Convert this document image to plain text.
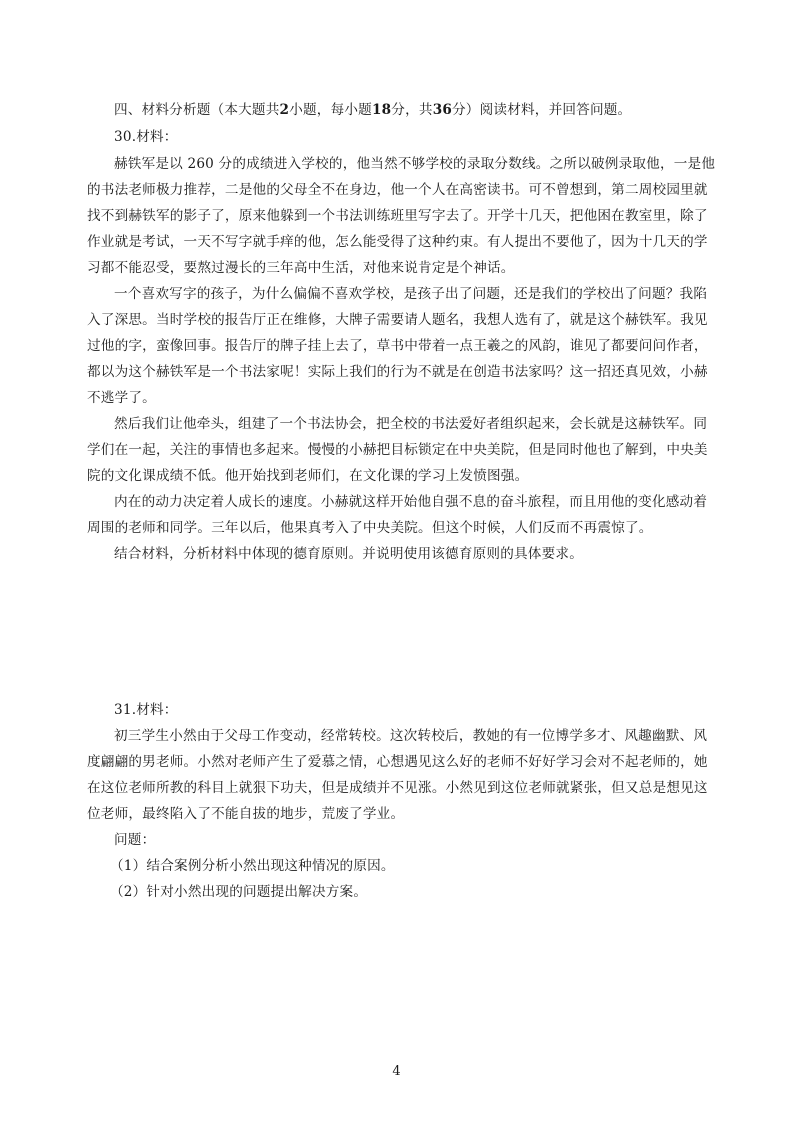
四、材料分析题（本大题共2小题，每小题18分，共36分）阅读材料，并回答问题。
30.材料：
赫铁军是以 260 分的成绩进入学校的，他当然不够学校的录取分数线。之所以破例录取他，一是他
的书法老师极力推荐，二是他的父母全不在身边，他一个人在高密读书。可不曾想到，第二周校园里就
找不到赫铁军的影子了，原来他躲到一个书法训练班里写字去了。开学十几天，把他困在教室里，除了
作业就是考试，一天不写字就手痒的他，怎么能受得了这种约束。有人提出不要他了，因为十几天的学
习都不能忍受，要熬过漫长的三年高中生活，对他来说肯定是个神话。
一个喜欢写字的孩子，为什么偏偏不喜欢学校，是孩子出了问题，还是我们的学校出了问题？我陷
入了深思。当时学校的报告厅正在维修，大牌子需要请人题名，我想人选有了，就是这个赫铁军。我见
过他的字，蛮像回事。报告厅的牌子挂上去了，草书中带着一点王羲之的风韵，谁见了都要问问作者，
都以为这个赫铁军是一个书法家呢！实际上我们的行为不就是在创造书法家吗？这一招还真见效，小赫
不逃学了。
然后我们让他牵头，组建了一个书法协会，把全校的书法爱好者组织起来，会长就是这赫铁军。同
学们在一起，关注的事情也多起来。慢慢的小赫把目标锁定在中央美院，但是同时他也了解到，中央美
院的文化课成绩不低。他开始找到老师们，在文化课的学习上发愤图强。
内在的动力决定着人成长的速度。小赫就这样开始他自强不息的奋斗旅程，而且用他的变化感动着
周围的老师和同学。三年以后，他果真考入了中央美院。但这个时候，人们反而不再震惊了。
结合材料，分析材料中体现的德育原则。并说明使用该德育原则的具体要求。
31.材料：
初三学生小然由于父母工作变动，经常转校。这次转校后，教她的有一位博学多才、风趣幽默、风
度翩翩的男老师。小然对老师产生了爱慕之情，心想遇见这么好的老师不好好学习会对不起老师的，她
在这位老师所教的科目上就狠下功夫，但是成绩并不见涨。小然见到这位老师就紧张，但又总是想见这
位老师，最终陷入了不能自拔的地步，荒废了学业。
问题：
（1）结合案例分析小然出现这种情况的原因。
（2）针对小然出现的问题提出解决方案。
4
